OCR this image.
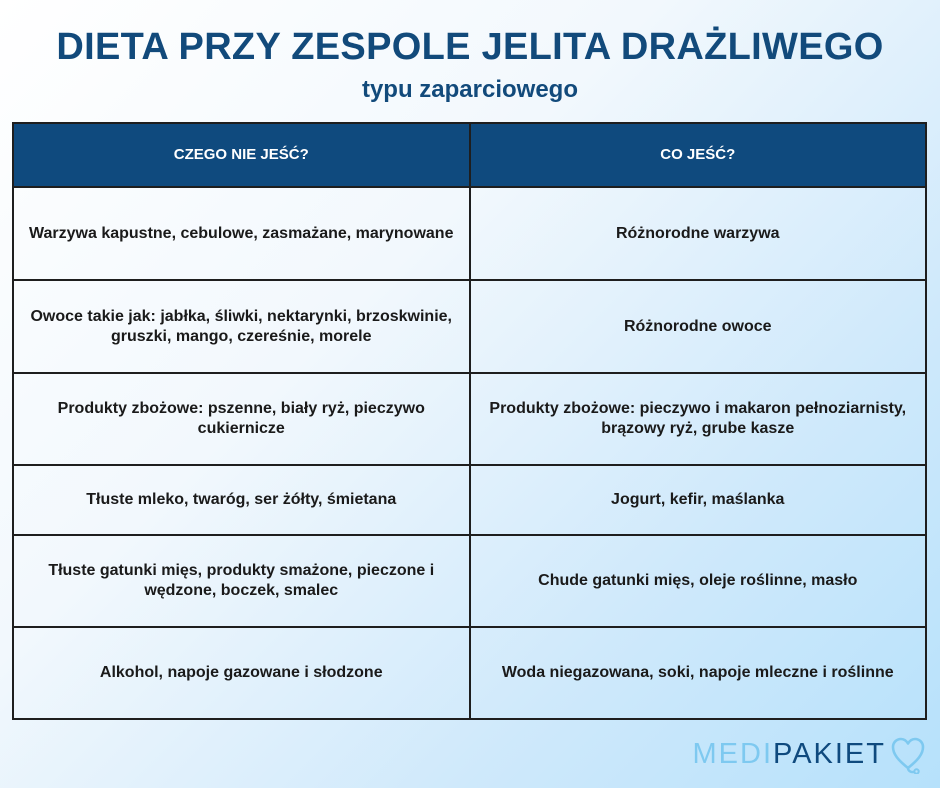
DIETA PRZY ZESPOLE JELITA DRAŻLIWEGO
typu zaparciowego
CZEGO NIE JEŚĆ?	CO JEŚĆ?
Warzywa kapustne, cebulowe, zasmażane, marynowane	Różnorodne warzywa
Owoce takie jak: jabłka, śliwki, nektarynki, brzoskwinie, gruszki, mango, czereśnie, morele	Różnorodne owoce
Produkty zbożowe: pszenne, biały ryż, pieczywo cukiernicze	Produkty zbożowe: pieczywo i makaron pełnoziarnisty, brązowy ryż, grube kasze
Tłuste mleko, twaróg, ser żółty, śmietana	Jogurt, kefir, maślanka
Tłuste gatunki mięs, produkty smażone, pieczone i wędzone, boczek, smalec	Chude gatunki mięs, oleje roślinne, masło
Alkohol, napoje gazowane i słodzone	Woda niegazowana, soki, napoje mleczne i roślinne
MEDI PAKIET
